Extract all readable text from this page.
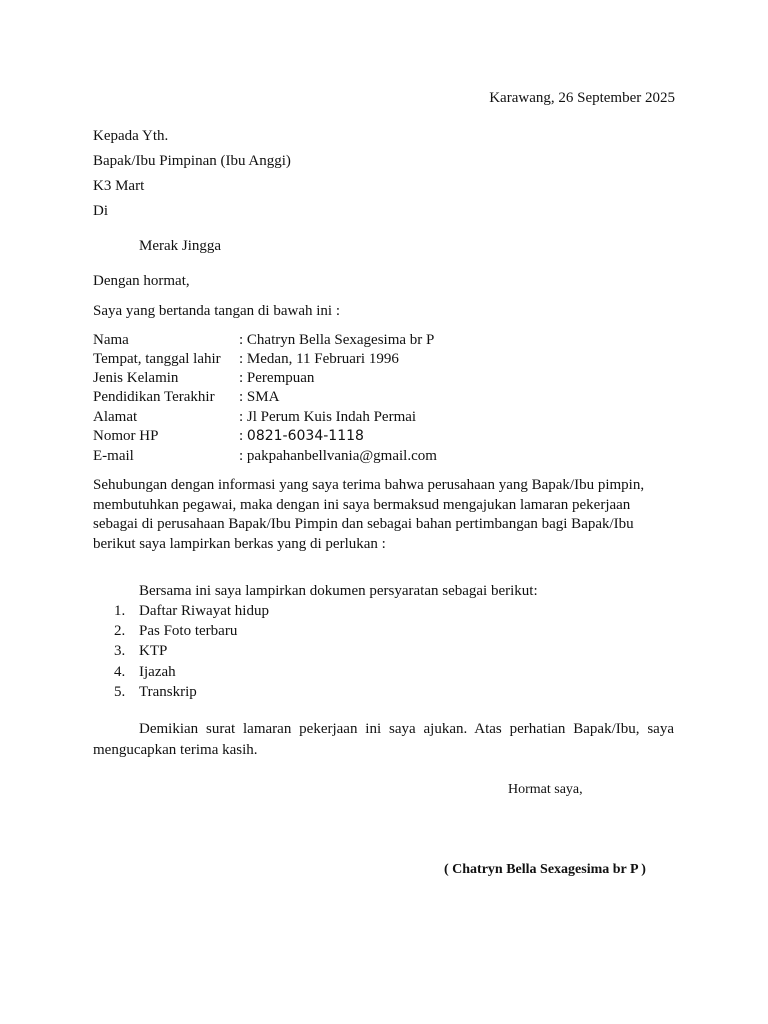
Karawang, 26 September 2025
Kepada Yth.
Bapak/Ibu Pimpinan (Ibu Anggi)
K3 Mart
Di
Merak Jingga
Dengan hormat,
Saya yang bertanda tangan di bawah ini :
Nama	: Chatryn Bella Sexagesima br P
Tempat, tanggal lahir : Medan, 11 Februari 1996
Jenis Kelamin	: Perempuan
Pendidikan Terakhir : SMA
Alamat	: Jl Perum Kuis Indah Permai
Nomor HP	: 0821-6034-1118
E-mail	: pakpahanbellvania@gmail.com
Sehubungan dengan informasi yang saya terima bahwa perusahaan yang Bapak/Ibu pimpin, membutuhkan pegawai, maka dengan ini saya bermaksud mengajukan lamaran pekerjaan sebagai di perusahaan Bapak/Ibu Pimpin dan sebagai bahan pertimbangan bagi Bapak/Ibu berikut saya lampirkan berkas yang di perlukan :
Bersama ini saya lampirkan dokumen persyaratan sebagai berikut:
1. Daftar Riwayat hidup
2. Pas Foto terbaru
3. KTP
4. Ijazah
5. Transkrip
Demikian surat lamaran pekerjaan ini saya ajukan. Atas perhatian Bapak/Ibu, saya mengucapkan terima kasih.
Hormat saya,
( Chatryn Bella Sexagesima br P )
